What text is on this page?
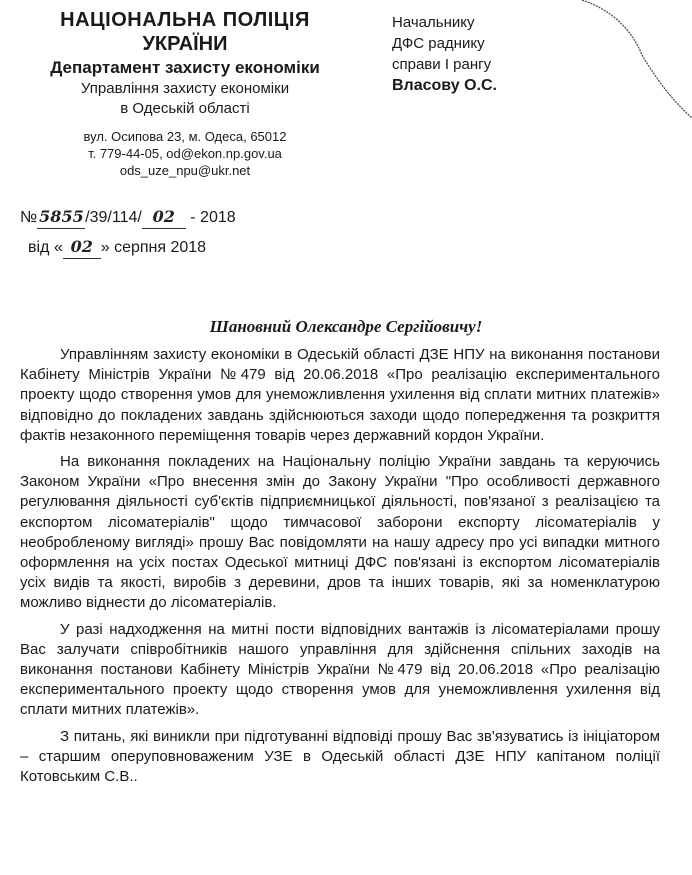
НАЦІОНАЛЬНА ПОЛІЦІЯ
УКРАЇНИ
Департамент захисту економіки
Управління захисту економіки
в Одеській області
вул. Осипова 23, м. Одеса, 65012
т. 779-44-05, od@ekon.np.gov.ua
ods_uze_npu@ukr.net
№ 5855/39/114/ 02 - 2018
від « 02 » серпня 2018
Начальнику
ДФС раднику
справи І рангу
Власову О.С.
Шановний Олександре Сергійовичу!

Управлінням захисту економіки в Одеській області ДЗЕ НПУ на виконання постанови Кабінету Міністрів України №479 від 20.06.2018 «Про реалізацію експериментального проекту щодо створення умов для унеможливлення ухилення від сплати митних платежів» відповідно до покладених завдань здійснюються заходи щодо попередження та розкриття фактів незаконного переміщення товарів через державний кордон України.

На виконання покладених на Національну поліцію України завдань та керуючись Законом України «Про внесення змін до Закону України "Про особливості державного регулювання діяльності суб'єктів підприємницької діяльності, пов'язаної з реалізацією та експортом лісоматеріалів" щодо тимчасової заборони експорту лісоматеріалів у необробленому вигляді» прошу Вас повідомляти на нашу адресу про усі випадки митного оформлення на усіх постах Одеської митниці ДФС пов'язані із експортом лісоматеріалів усіх видів та якості, виробів з деревини, дров та інших товарів, які за номенклатурою можливо віднести до лісоматеріалів.

У разі надходження на митні пости відповідних вантажів із лісоматеріалами прошу Вас залучати співробітників нашого управління для здійснення спільних заходів на виконання постанови Кабінету Міністрів України №479 від 20.06.2018 «Про реалізацію експериментального проекту щодо створення умов для унеможливлення ухилення від сплати митних платежів».

З питань, які виникли при підготуванні відповіді прошу Вас зв'язуватись із ініціатором – старшим оперуповноваженим УЗЕ в Одеській області ДЗЕ НПУ капітаном поліції Котовським С.В..
